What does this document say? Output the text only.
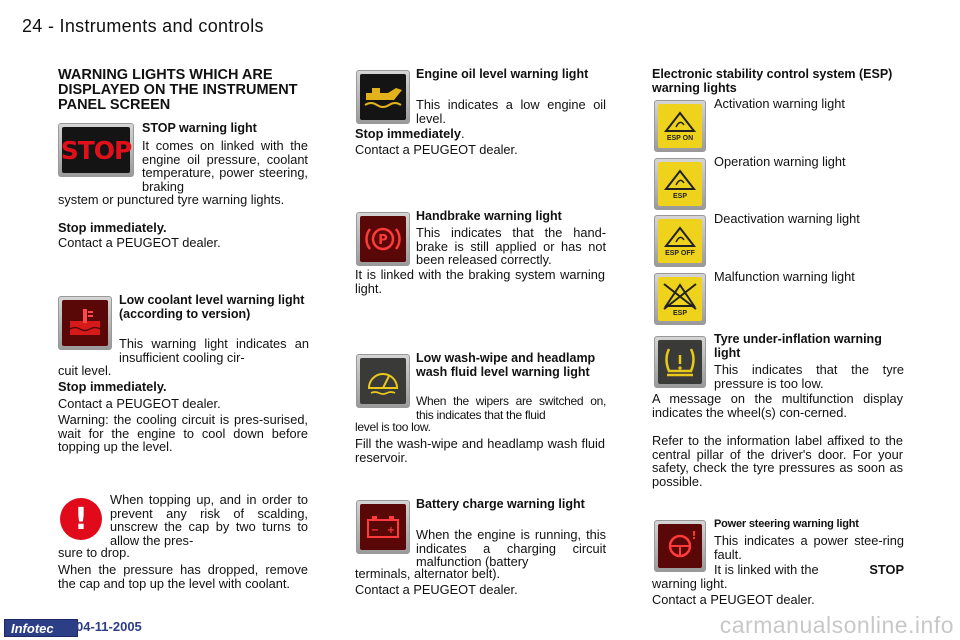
24 - Instruments and controls
WARNING LIGHTS WHICH ARE DISPLAYED ON THE INSTRUMENT PANEL SCREEN
STOP
STOP warning light
It comes on linked with the engine oil pressure, coolant temperature, power steering, braking
system or punctured tyre warning lights.
Stop immediately.
Contact a PEUGEOT dealer.
Low coolant level warning light (according to version)
This warning light indicates an insufficient cooling cir-
cuit level.
Stop immediately.
Contact a PEUGEOT dealer.
Warning: the cooling circuit is pres-surised, wait for the engine to cool down before topping up the level.
!
When topping up, and in order to prevent any risk of scalding, unscrew the cap by two turns to allow the pres-
sure to drop.
When the pressure has dropped, remove the cap and top up the level with coolant.
Engine oil level warning light
This indicates a low engine oil level.
Stop immediately.
Contact a PEUGEOT dealer.
P
Handbrake warning light
This indicates that the hand-brake is still applied or has not been released correctly.
It is linked with the braking system warning light.
Low wash-wipe and headlamp wash fluid level warning light
When the wipers are switched on, this indicates that the fluid
level is too low.
Fill the wash-wipe and headlamp wash fluid reservoir.
− +
Battery charge warning light
When the engine is running, this indicates a charging circuit malfunction (battery
terminals, alternator belt).
Contact a PEUGEOT dealer.
Electronic stability control system (ESP) warning lights
ESP ON
Activation warning light
ESP
Operation warning light
ESP OFF
Deactivation warning light
ESP
Malfunction warning light
Tyre under-inflation warning light
This indicates that the tyre pressure is too low.
A message on the multifunction display indicates the wheel(s) con-cerned.
Refer to the information label affixed to the central pillar of the driver's door. For your safety, check the tyre pressures as soon as possible.
Power steering warning light
! This indicates a power stee-ring fault.
It is linked with the	STOP
warning light.
Contact a PEUGEOT dealer.
Infotec	04-11-2005	carmanualsonline.info
